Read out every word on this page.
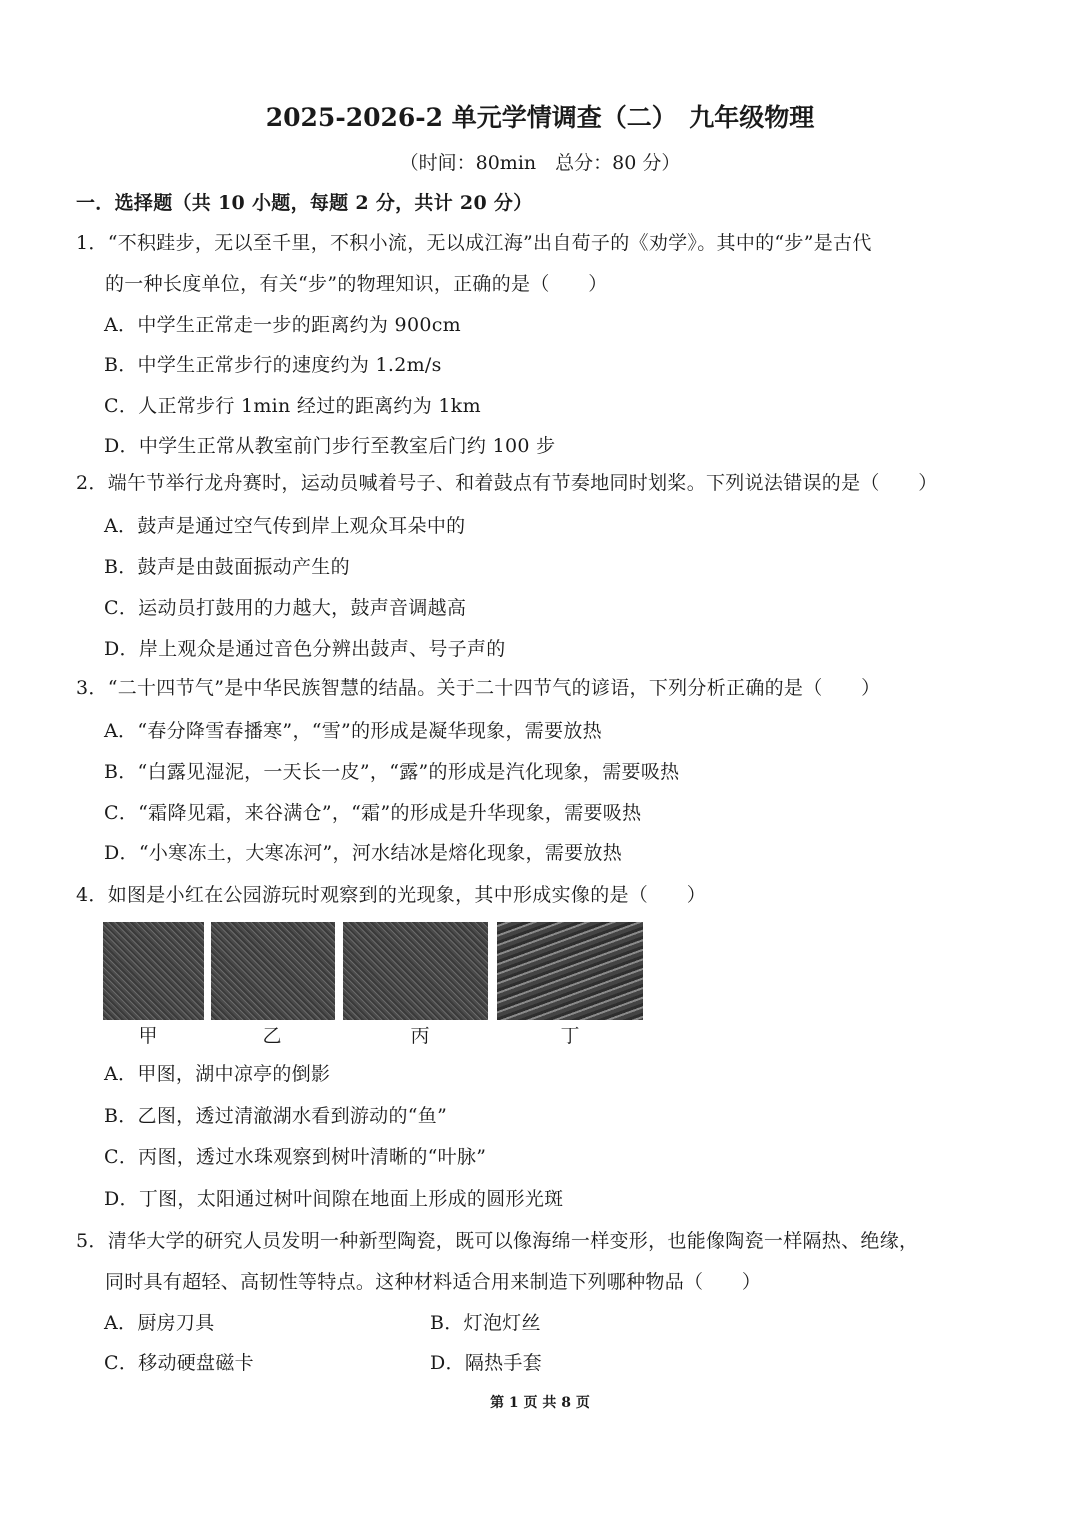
2025-2026-2 单元学情调查（二）　九年级物理
（时间：80min　总分：80 分）
一．选择题（共 10 小题，每题 2 分，共计 20 分）
1．“不积跬步，无以至千里，不积小流，无以成江海”出自荀子的《劝学》。其中的“步”是古代
的一种长度单位，有关“步”的物理知识，正确的是（　　）
A．中学生正常走一步的距离约为 900cm
B．中学生正常步行的速度约为 1.2m/s
C．人正常步行 1min 经过的距离约为 1km
D．中学生正常从教室前门步行至教室后门约 100 步
2．端午节举行龙舟赛时，运动员喊着号子、和着鼓点有节奏地同时划桨。下列说法错误的是（　　）
A．鼓声是通过空气传到岸上观众耳朵中的
B．鼓声是由鼓面振动产生的
C．运动员打鼓用的力越大，鼓声音调越高
D．岸上观众是通过音色分辨出鼓声、号子声的
3．“二十四节气”是中华民族智慧的结晶。关于二十四节气的谚语，下列分析正确的是（　　）
A．“春分降雪春播寒”，“雪”的形成是凝华现象，需要放热
B．“白露见湿泥，一天长一皮”，“露”的形成是汽化现象，需要吸热
C．“霜降见霜，来谷满仓”，“霜”的形成是升华现象，需要吸热
D．“小寒冻土，大寒冻河”，河水结冰是熔化现象，需要放热
4．如图是小红在公园游玩时观察到的光现象，其中形成实像的是（　　）
甲	乙	丙	丁
A．甲图，湖中凉亭的倒影
B．乙图，透过清澈湖水看到游动的“鱼”
C．丙图，透过水珠观察到树叶清晰的“叶脉”
D．丁图，太阳通过树叶间隙在地面上形成的圆形光斑
5．清华大学的研究人员发明一种新型陶瓷，既可以像海绵一样变形，也能像陶瓷一样隔热、绝缘，
同时具有超轻、高韧性等特点。这种材料适合用来制造下列哪种物品（　　）
A．厨房刀具	B．灯泡灯丝
C．移动硬盘磁卡	D．隔热手套
第 1 页 共 8 页
